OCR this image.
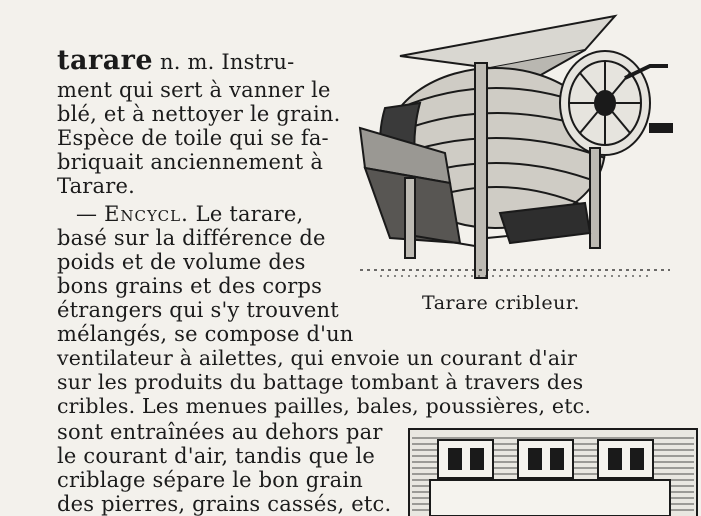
tarare n. m. Instru-
ment qui sert à vanner le
blé, et à nettoyer le grain.
Espèce de toile qui se fa-
briquait anciennement à
Tarare.
— Encycl. Le tarare,
basé sur la différence de
poids et de volume des
bons grains et des corps
étrangers qui s'y trouvent
mélangés, se compose d'un
ventilateur à ailettes, qui envoie un courant d'air
sur les produits du battage tombant à travers des
cribles. Les menues pailles, bales, poussières, etc.
sont entraînées au dehors par
le courant d'air, tandis que le
criblage sépare le bon grain
des pierres, grains cassés, etc.
Tarare cribleur.
